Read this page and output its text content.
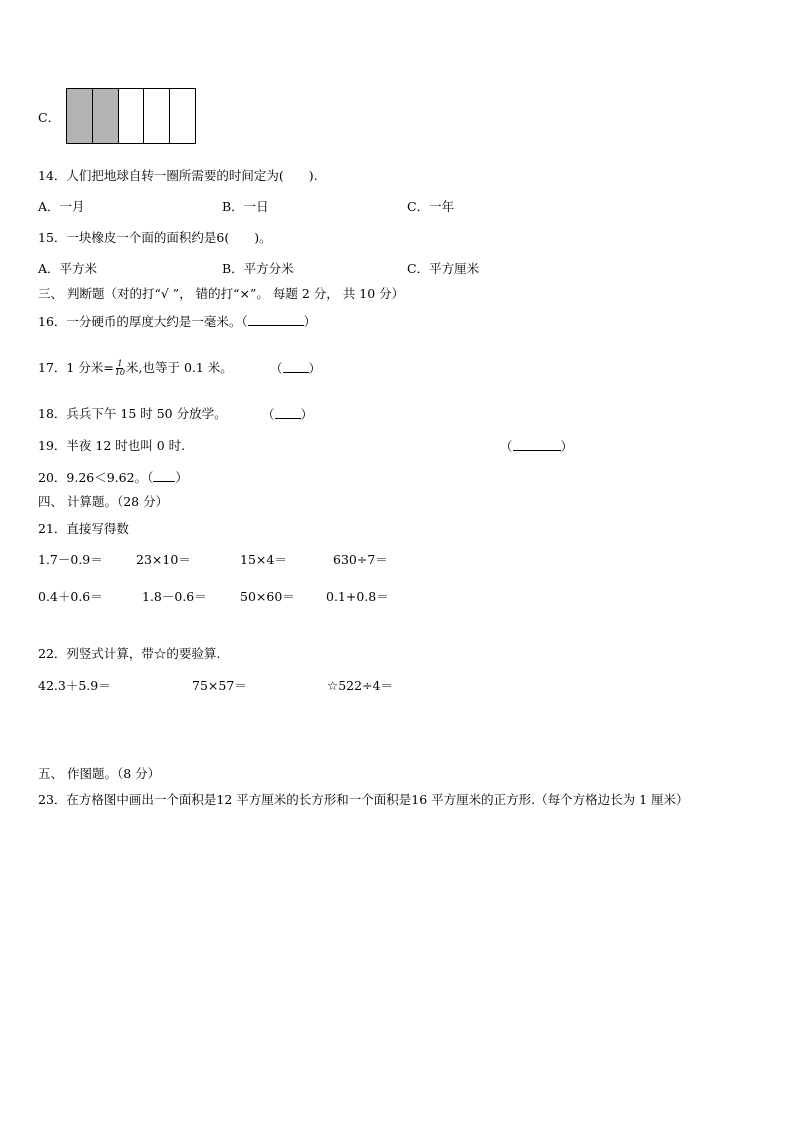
C．
14．人们把地球自转一圈所需要的时间定为(　　).
A．一月	B．一日	C．一年
15．一块橡皮一个面的面积约是6(　　)。
A．平方米	B．平方分米	C．平方厘米
三、 判断题（对的打“√ ”， 错的打“×”。 每题 2 分， 共 10 分）
16．一分硬币的厚度大约是一毫米。（	）
17．1 分米= $\frac{1}{10}$ 米,也等于 0.1 米。	（ ）
18．兵兵下午 15 时 50 分放学。	（ ）
19．半夜 12 时也叫 0 时.	（	）
20．9.26＜9.62。（ ）
四、 计算题。（28 分）
21．直接写得数
1.7－0.9＝	23×10＝	15×4＝	630÷7＝
0.4＋0.6＝	1.8－0.6＝	50×60＝ 0.1+0.8＝
22．列竖式计算，带☆的要验算.
42.3＋5.9＝	75×57＝	☆522÷4＝
五、 作图题。（8 分）
23．在方格图中画出一个面积是12 平方厘米的长方形和一个面积是16 平方厘米的正方形.（每个方格边长为 1 厘米）
